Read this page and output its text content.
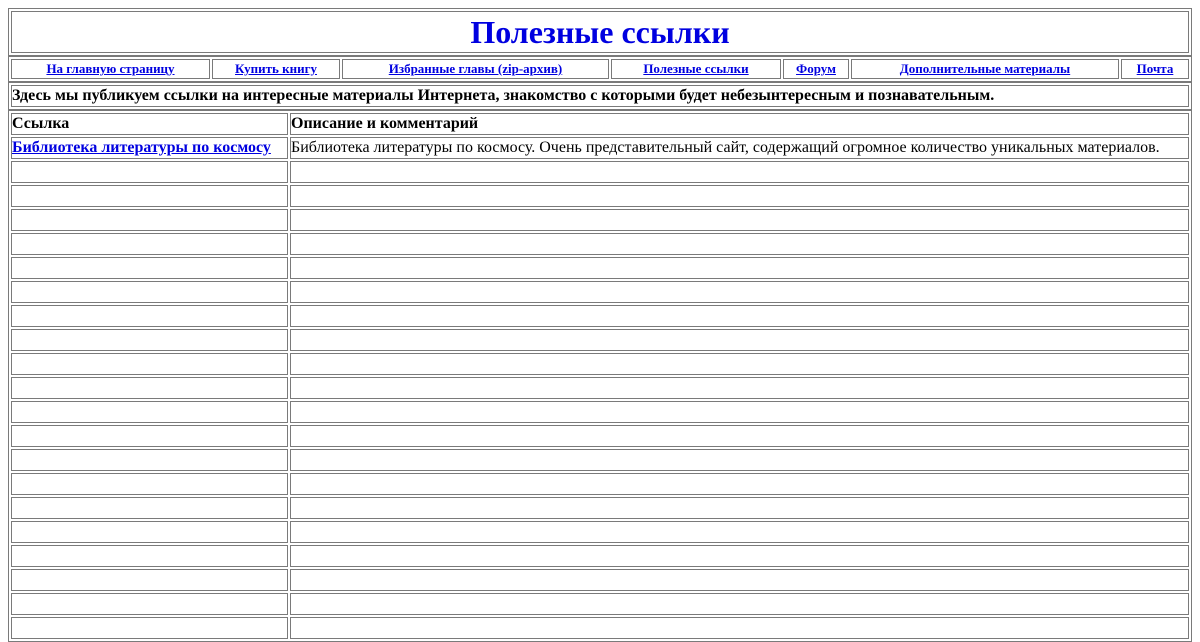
Полезные ссылки
На главную страницу	Купить книгу	Избранные главы (zip-архив)	Полезные ссылки	Форум	Дополнительные материалы	Почта
Здесь мы публикуем ссылки на интересные материалы Интернета, знакомство с которыми будет небезынтересным и познавательным.
Ссылка	Описание и комментарий
Библиотека литературы по космосу	Библиотека литературы по космосу. Очень представительный сайт, содержащий огромное количество уникальных материалов.
